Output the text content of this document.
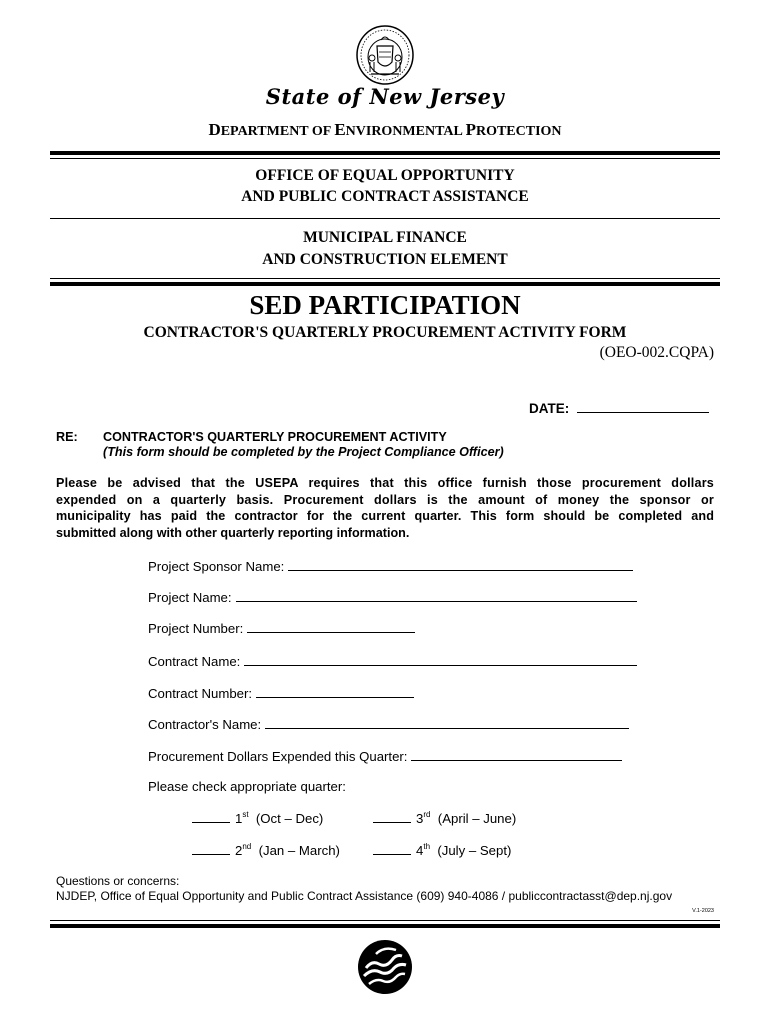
State of New Jersey
DEPARTMENT OF ENVIRONMENTAL PROTECTION
OFFICE OF EQUAL OPPORTUNITY
AND PUBLIC CONTRACT ASSISTANCE
MUNICIPAL FINANCE
AND CONSTRUCTION ELEMENT
SED PARTICIPATION
CONTRACTOR'S QUARTERLY PROCUREMENT ACTIVITY FORM
(OEO-002.CQPA)
DATE:
RE: CONTRACTOR'S QUARTERLY PROCUREMENT ACTIVITY
(This form should be completed by the Project Compliance Officer)
Please be advised that the USEPA requires that this office furnish those procurement dollars
expended on a quarterly basis. Procurement dollars is the amount of money the sponsor or
municipality has paid the contractor for the current quarter. This form should be completed and
submitted along with other quarterly reporting information.
Project Sponsor Name:
Project Name:
Project Number:
Contract Name:
Contract Number:
Contractor's Name:
Procurement Dollars Expended this Quarter:
Please check appropriate quarter:
1st (Oct – Dec)	3rd (April – June)
2nd (Jan – March)	4th (July – Sept)
Questions or concerns:
NJDEP, Office of Equal Opportunity and Public Contract Assistance (609) 940-4086 / publiccontractasst@dep.nj.gov
V.1-2023
